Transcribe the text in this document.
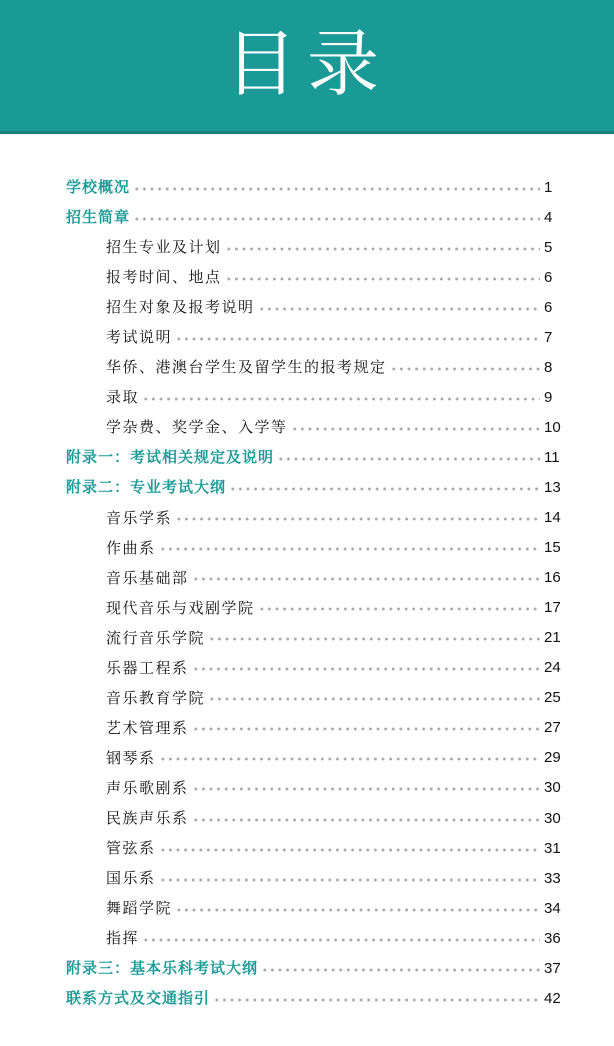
目录
学校概况	1
招生简章	4
招生专业及计划	5
报考时间、地点	6
招生对象及报考说明	6
考试说明	7
华侨、港澳台学生及留学生的报考规定	8
录取	9
学杂费、奖学金、入学等	10
附录一：考试相关规定及说明	11
附录二：专业考试大纲	13
音乐学系	14
作曲系	15
音乐基础部	16
现代音乐与戏剧学院	17
流行音乐学院	21
乐器工程系	24
音乐教育学院	25
艺术管理系	27
钢琴系	29
声乐歌剧系	30
民族声乐系	30
管弦系	31
国乐系	33
舞蹈学院	34
指挥	36
附录三：基本乐科考试大纲	37
联系方式及交通指引	42
